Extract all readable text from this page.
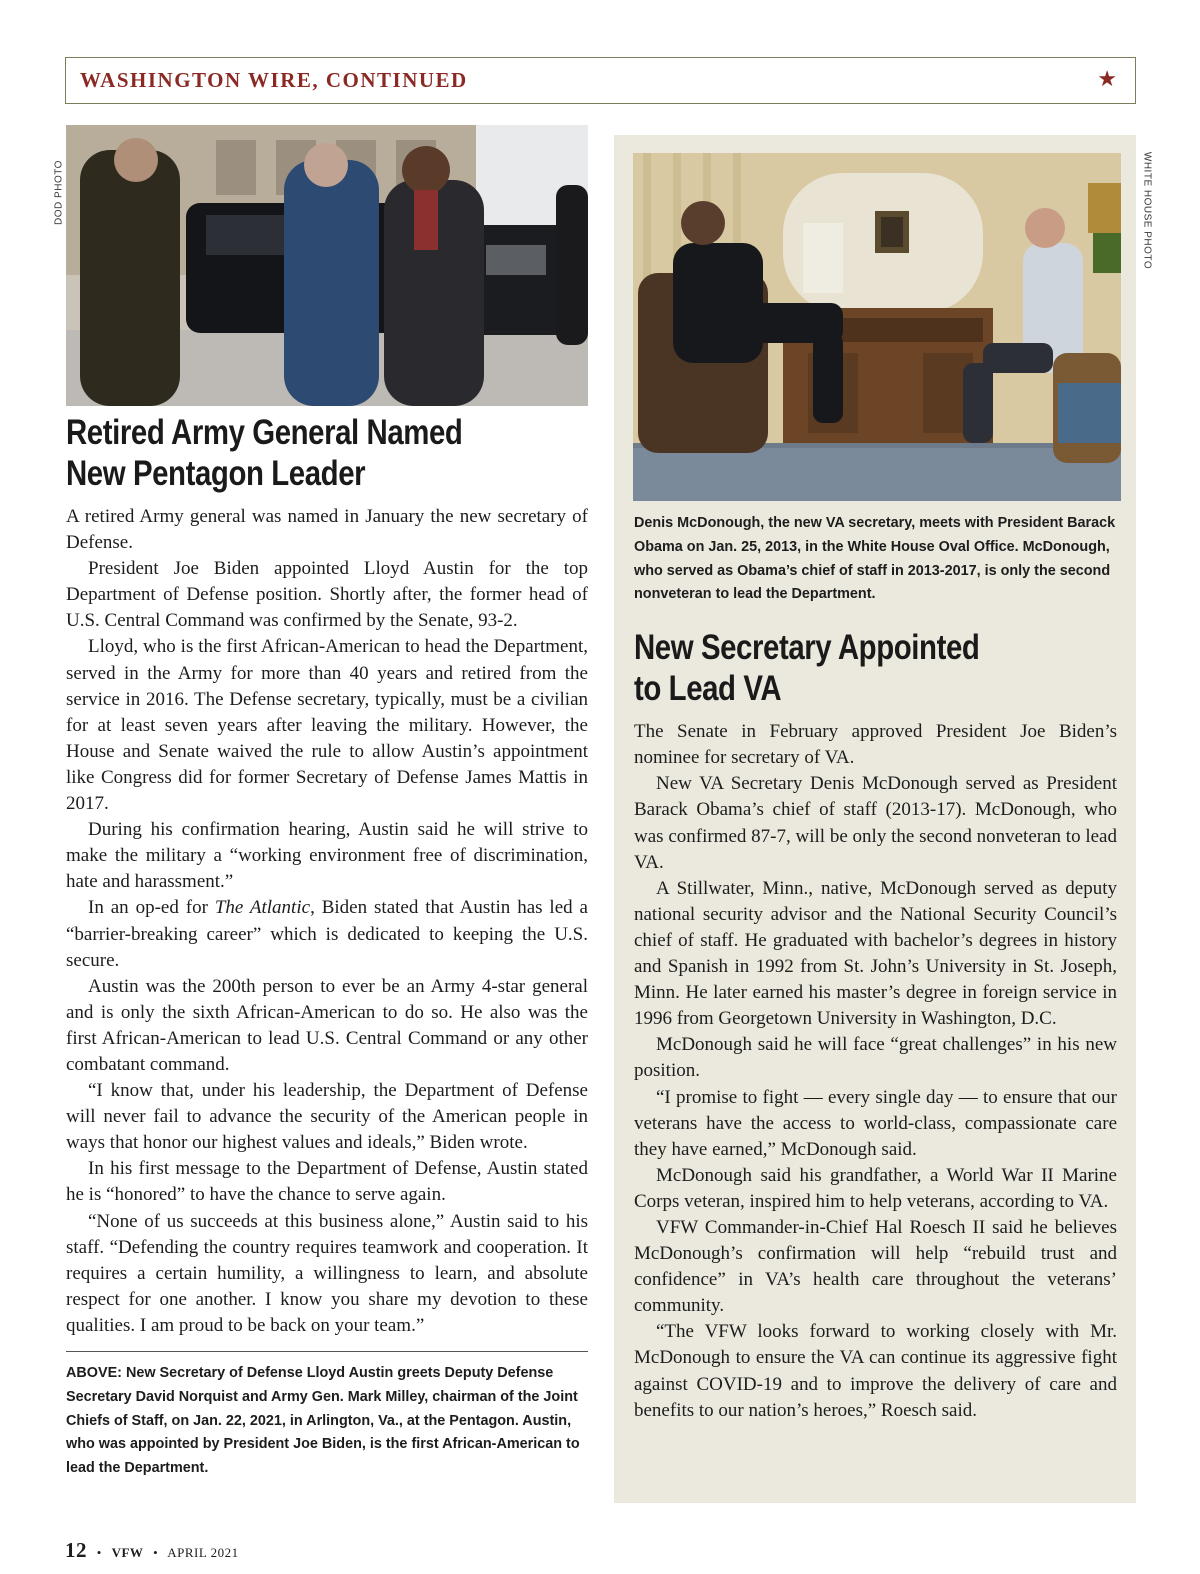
WASHINGTON WIRE, CONTINUED	★
DOD PHOTO	WHITE HOUSE PHOTO
Retired Army General Named
New Pentagon Leader

A retired Army general was named in January the new secretary of Defense.

President Joe Biden appointed Lloyd Austin for the top Department of Defense position. Shortly after, the former head of U.S. Central Command was confirmed by the Senate, 93-2.

Lloyd, who is the first African-American to head the Department, served in the Army for more than 40 years and retired from the service in 2016. The Defense secretary, typically, must be a civilian for at least seven years after leaving the military. However, the House and Senate waived the rule to allow Austin’s appointment like Congress did for former Secretary of Defense James Mattis in 2017.

During his confirmation hearing, Austin said he will strive to make the military a “working environment free of discrimination, hate and harassment.”

In an op-ed for The Atlantic, Biden stated that Austin has led a “barrier-breaking career” which is dedicated to keeping the U.S. secure.

Austin was the 200th person to ever be an Army 4-star general and is only the sixth African-American to do so. He also was the first African-American to lead U.S. Central Command or any other combatant command.

“I know that, under his leadership, the Department of Defense will never fail to advance the security of the American people in ways that honor our highest values and ideals,” Biden wrote.

In his first message to the Department of Defense, Austin stated he is “honored” to have the chance to serve again.

“None of us succeeds at this business alone,” Austin said to his staff. “Defending the country requires teamwork and cooperation. It requires a certain humility, a willingness to learn, and absolute respect for one another. I know you share my devotion to these qualities. I am proud to be back on your team.”

ABOVE: New Secretary of Defense Lloyd Austin greets Deputy Defense Secretary David Norquist and Army Gen. Mark Milley, chairman of the Joint Chiefs of Staff, on Jan. 22, 2021, in Arlington, Va., at the Pentagon. Austin, who was appointed by President Joe Biden, is the first African-American to lead the Department.

Denis McDonough, the new VA secretary, meets with President Barack Obama on Jan. 25, 2013, in the White House Oval Office. McDonough, who served as Obama’s chief of staff in 2013-2017, is only the second nonveteran to lead the Department.

New Secretary Appointed
to Lead VA

The Senate in February approved President Joe Biden’s nominee for secretary of VA.

New VA Secretary Denis McDonough served as President Barack Obama’s chief of staff (2013-17). McDonough, who was confirmed 87-7, will be only the second nonveteran to lead VA.

A Stillwater, Minn., native, McDonough served as deputy national security advisor and the National Security Council’s chief of staff. He graduated with bachelor’s degrees in history and Spanish in 1992 from St. John’s University in St. Joseph, Minn. He later earned his master’s degree in foreign service in 1996 from Georgetown University in Washington, D.C.

McDonough said he will face “great challenges” in his new position.

“I promise to fight — every single day — to ensure that our veterans have the access to world-class, compassionate care they have earned,” McDonough said.

McDonough said his grandfather, a World War II Marine Corps veteran, inspired him to help veterans, according to VA.

VFW Commander-in-Chief Hal Roesch II said he believes McDonough’s confirmation will help “rebuild trust and confidence” in VA’s health care throughout the veterans’ community.

“The VFW looks forward to working closely with Mr. McDonough to ensure the VA can continue its aggressive fight against COVID-19 and to improve the delivery of care and benefits to our nation’s heroes,” Roesch said.

12 • VFW • APRIL 2021
